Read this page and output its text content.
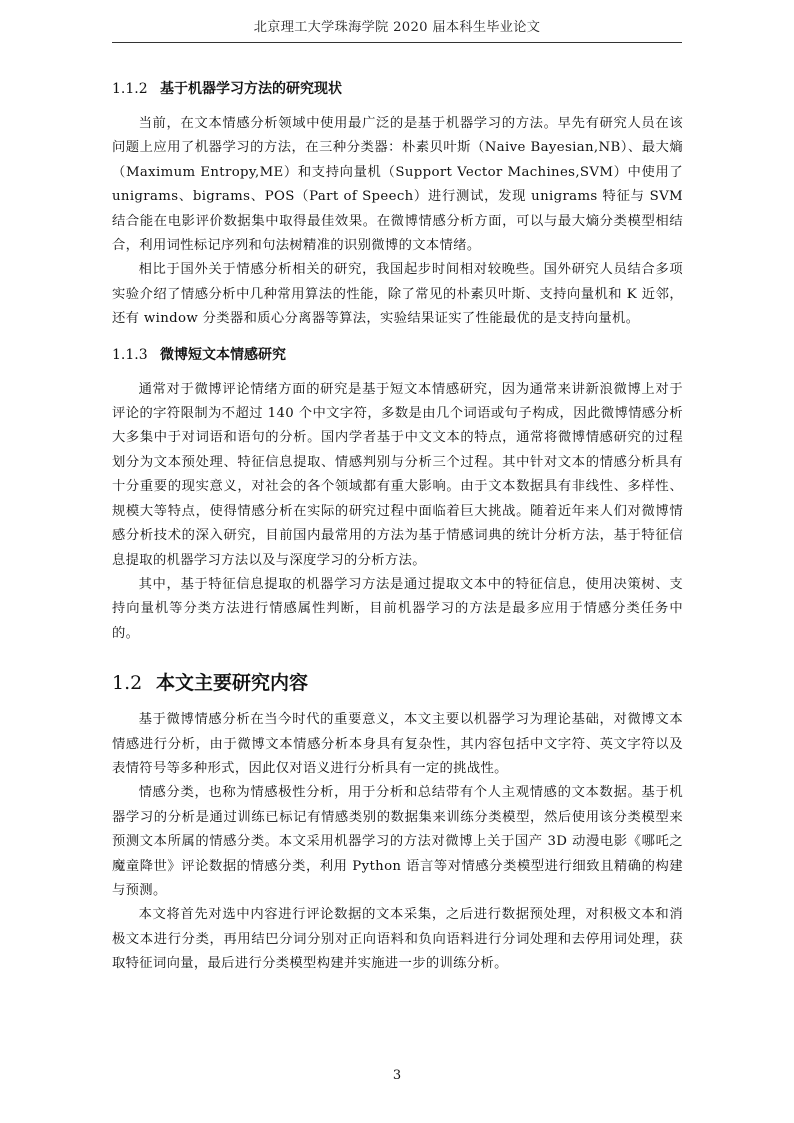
北京理工大学珠海学院 2020 届本科生毕业论文
1.1.2 基于机器学习方法的研究现状

当前，在文本情感分析领域中使用最广泛的是基于机器学习的方法。早先有研究人员在该问题上应用了机器学习的方法，在三种分类器：朴素贝叶斯（Naive Bayesian,NB）、最大熵（Maximum Entropy,ME）和支持向量机（Support Vector Machines,SVM）中使用了 unigrams、bigrams、POS（Part of Speech）进行测试，发现 unigrams 特征与 SVM 结合能在电影评价数据集中取得最佳效果。在微博情感分析方面，可以与最大熵分类模型相结合，利用词性标记序列和句法树精准的识别微博的文本情绪。

相比于国外关于情感分析相关的研究，我国起步时间相对较晚些。国外研究人员结合多项实验介绍了情感分析中几种常用算法的性能，除了常见的朴素贝叶斯、支持向量机和 K 近邻，还有 window 分类器和质心分离器等算法，实验结果证实了性能最优的是支持向量机。

1.1.3 微博短文本情感研究

通常对于微博评论情绪方面的研究是基于短文本情感研究，因为通常来讲新浪微博上对于评论的字符限制为不超过 140 个中文字符，多数是由几个词语或句子构成，因此微博情感分析大多集中于对词语和语句的分析。国内学者基于中文文本的特点，通常将微博情感研究的过程划分为文本预处理、特征信息提取、情感判别与分析三个过程。其中针对文本的情感分析具有十分重要的现实意义，对社会的各个领域都有重大影响。由于文本数据具有非线性、多样性、规模大等特点，使得情感分析在实际的研究过程中面临着巨大挑战。随着近年来人们对微博情感分析技术的深入研究，目前国内最常用的方法为基于情感词典的统计分析方法，基于特征信息提取的机器学习方法以及与深度学习的分析方法。

其中，基于特征信息提取的机器学习方法是通过提取文本中的特征信息，使用决策树、支持向量机等分类方法进行情感属性判断，目前机器学习的方法是最多应用于情感分类任务中的。

1.2 本文主要研究内容

基于微博情感分析在当今时代的重要意义，本文主要以机器学习为理论基础，对微博文本情感进行分析，由于微博文本情感分析本身具有复杂性，其内容包括中文字符、英文字符以及表情符号等多种形式，因此仅对语义进行分析具有一定的挑战性。

情感分类，也称为情感极性分析，用于分析和总结带有个人主观情感的文本数据。基于机器学习的分析是通过训练已标记有情感类别的数据集来训练分类模型，然后使用该分类模型来预测文本所属的情感分类。本文采用机器学习的方法对微博上关于国产 3D 动漫电影《哪吒之魔童降世》评论数据的情感分类，利用 Python 语言等对情感分类模型进行细致且精确的构建与预测。

本文将首先对选中内容进行评论数据的文本采集，之后进行数据预处理，对积极文本和消极文本进行分类，再用结巴分词分别对正向语料和负向语料进行分词处理和去停用词处理，获取特征词向量，最后进行分类模型构建并实施进一步的训练分析。

3
